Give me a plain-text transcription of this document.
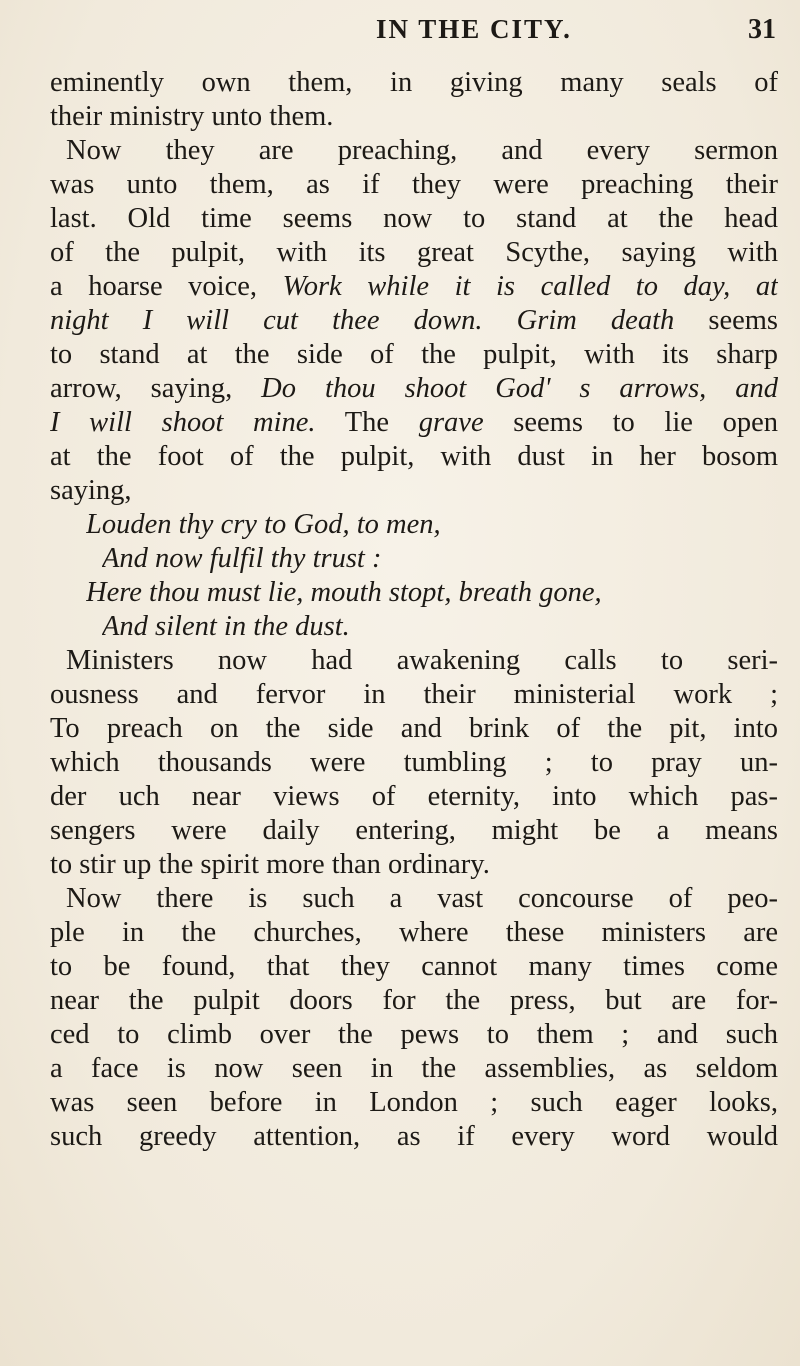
IN THE CITY.	31
eminently own them, in giving many seals of
their ministry unto them.
Now they are preaching, and every sermon
was unto them, as if they were preaching their
last. Old time seems now to stand at the head
of the pulpit, with its great Scythe, saying with
a hoarse voice, Work while it is called to day, at
night I will cut thee down. Grim death seems
to stand at the side of the pulpit, with its sharp
arrow, saying, Do thou shoot God' s arrows, and
I will shoot mine. The grave seems to lie open
at the foot of the pulpit, with dust in her bosom
saying,
Louden thy cry to God, to men,
And now fulfil thy trust :
Here thou must lie, mouth stopt, breath gone,
And silent in the dust.
Ministers now had awakening calls to seri-
ousness and fervor in their ministerial work ;
To preach on the side and brink of the pit, into
which thousands were tumbling ; to pray un-
der uch near views of eternity, into which pas-
sengers were daily entering, might be a means
to stir up the spirit more than ordinary.
Now there is such a vast concourse of peo-
ple in the churches, where these ministers are
to be found, that they cannot many times come
near the pulpit doors for the press, but are for-
ced to climb over the pews to them ; and such
a face is now seen in the assemblies, as seldom
was seen before in London ; such eager looks,
such greedy attention, as if every word would
